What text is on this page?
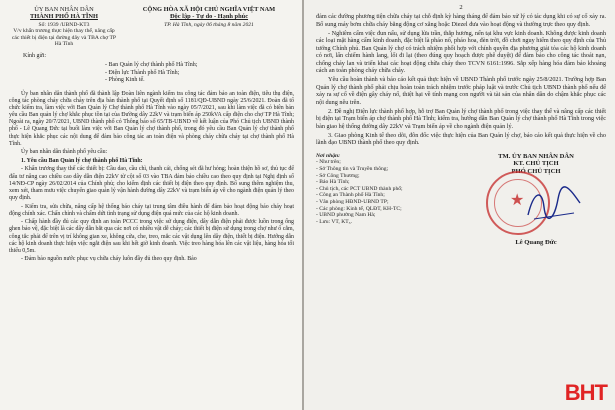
ỦY BAN NHÂN DÂN
THÀNH PHỐ HÀ TĨNH
CỘNG HÒA XÃ HỘI CHỦ NGHĨA VIỆT NAM
Độc lập - Tự do - Hạnh phúc
Số: 1939 /UBND-KT3
V/v khẩn trương thực hiện thay thế, nâng cấp các thiết bị điện tại đường dây và TBA chợ TP Hà Tĩnh
TP. Hà Tĩnh, ngày 06 tháng 8 năm 2021
Kính gửi:
- Ban Quản lý chợ thành phố Hà Tĩnh;
- Điện lực Thành phố Hà Tĩnh;
- Phòng Kinh tế.

Ủy ban nhân dân thành phố đã thành lập Đoàn liên ngành kiểm tra công tác đảm bảo an toàn điện, tiêu thụ điện, công tác phòng cháy chữa cháy trên địa bàn thành phố tại Quyết định số 1181/QĐ-UBND ngày 25/6/2021. Đoàn đã tổ chức kiểm tra, làm việc với Ban Quản lý Chợ thành phố Hà Tĩnh vào ngày 05/7/2021, sau khi làm việc đã có biên bản yêu cầu Ban quản lý chợ khắc phục tồn tại của Đường dây 22kV và trạm biến áp 250kVA cấp điện cho chợ TP Hà Tĩnh; Ngoài ra, ngày 20/7/2021, UBND thành phố có Thông báo số 65/TB-UBND về kết luận của Phó Chủ tịch UBND thành phố - Lê Quang Đức tại buổi làm việc với Ban Quản lý chợ thành phố, trong đó yêu cầu Ban Quản lý chợ thành phố thực hiện khắc phục các nội dung để đảm bảo công tác an toàn điện và phòng cháy chữa cháy tại chợ thành phố Hà Tĩnh.

Ủy ban nhân dân thành phố yêu cầu:

1. Yêu cầu Ban Quản lý chợ thành phố Hà Tĩnh:

- Khẩn trương thay thế các thiết bị: Cầu dao, cầu chì, thanh cái, chống sét đã hư hỏng; hoàn thiện hồ sơ, thủ tục để đấu tư nâng cao chiều cao dây dẫn điện 22kV từ cột số 03 vào TBA đảm bảo chiều cao theo quy định tại Nghị định số 14/NĐ-CP ngày 26/02/2014 của Chính phủ; cho kiểm định các thiết bị điện theo quy định. Bổ sung thêm nghiệm thu, xem xét, tham mưu việc chuyển giao quản lý vận hành đường dây 22kV và trạm biến áp về cho ngành điện quản lý theo quy định.

- Kiểm tra, sửa chữa, nâng cấp hệ thống báo cháy tại trung tâm điều hành để đảm bảo hoạt động báo cháy hoạt động chính xác. Chấn chỉnh và chấm dứt tình trạng sử dụng điện quá mức của các hộ kinh doanh.

- Chấp hành đầy đủ các quy định an toàn PCCC trong việc sử dụng điện, dây dẫn điện phải được luồn trong ống ghen bảo vệ, đặc biệt là các dây dẫn bắt qua các nơi có nhiều vật dễ cháy; các thiết bị điện sử dụng trong chợ như ổ cắm, công tắc phải để trên vị trí không gian xe, không cửa, che, treo, mắc các vật dụng lên dây điện, thiết bị điện. Hướng dẫn các hộ kinh doanh thực hiện việc ngắt điện sau khi hết giờ kinh doanh. Việc treo hàng hóa lên các vật liệu, hàng hóa tối thiểu 0,5m.

- Đảm bảo nguồn nước phục vụ chữa cháy luôn đầy đủ theo quy định. Bảo

2

đảm các đường phương tiện chữa cháy tại chỗ định kỳ hàng tháng để đảm bảo xử lý có tác dụng khi có sự cố xảy ra. Bố sung máy bơm chữa cháy bằng động cơ xăng hoặc Diezel đưa vào hoạt động và thường trực theo quy định.

- Nghiêm cấm việc đun nấu, sử dụng lửa trần, thắp hương, nến tại khu vực kinh doanh. Không được kinh doanh các loại mặt hàng cấm kinh doanh, đặc biệt là pháo nổ, pháo hoa, đèn trời, đồ chơi nguy hiểm theo quy định của Thủ tướng Chính phủ. Ban Quản lý chợ có trách nhiệm phối hợp với chính quyền địa phương giải tỏa các hộ kinh doanh có nơi, lấn chiếm hành lang, lối đi lại (theo đúng quy hoạch được phê duyệt) để đảm bảo cho công tác thoát nạn, chống cháy lan và triển khai các hoạt động chữa cháy theo TCVN 6161:1996. Sắp xếp hàng hóa đảm bảo khoảng cách an toàn phòng cháy chữa cháy.

Yêu cầu hoàn thành và báo cáo kết quả thực hiện về UBND Thành phố trước ngày 25/8/2021. Trường hợp Ban Quản lý chợ thành phố phải chịu hoàn toàn trách nhiệm trước pháp luật và trước Chủ tịch UBND thành phố nếu để xảy ra sự cố về điện gây cháy nổ, thiệt hại về tính mạng con người và tài sản của nhân dân do chậm khắc phục các nội dung nêu trên.

2. Đề nghị Điện lực thành phố hợp, hỗ trợ Ban Quản lý chợ thành phố trong việc thay thế và nâng cấp các thiết bị điện tại Trạm biến áp chợ thành phố Hà Tĩnh; kiểm tra, hướng dẫn Ban Quản lý chợ thành phố Hà Tĩnh trong việc bàn giao hệ thống đường dây 22kV và Trạm biến áp về cho ngành điện quản lý.

3. Giao phòng Kinh tế theo dõi, đôn đốc việc thực hiện của Ban Quản lý chợ, báo cáo kết quả thực hiện về cho lãnh đạo UBND thành phố theo quy định.

Nơi nhận:
- Như trên;
- Sở Thông tin và Truyền thông;
- Sở Công Thương;
- Báo Hà Tĩnh;
- Chủ tịch, các PCT UBND thành phố;
- Công an Thành phố Hà Tĩnh;
- Văn phòng HĐND-UBND TP;
- Các phòng: Kinh tế, QLĐT, KH-TC;
- UBND phường Nam Hà;
- Lưu: VT, KT₃.
TM. ỦY BAN NHÂN DÂN
KT. CHỦ TỊCH
PHÓ CHỦ TỊCH
★
Lê Quang Đức
BHT
